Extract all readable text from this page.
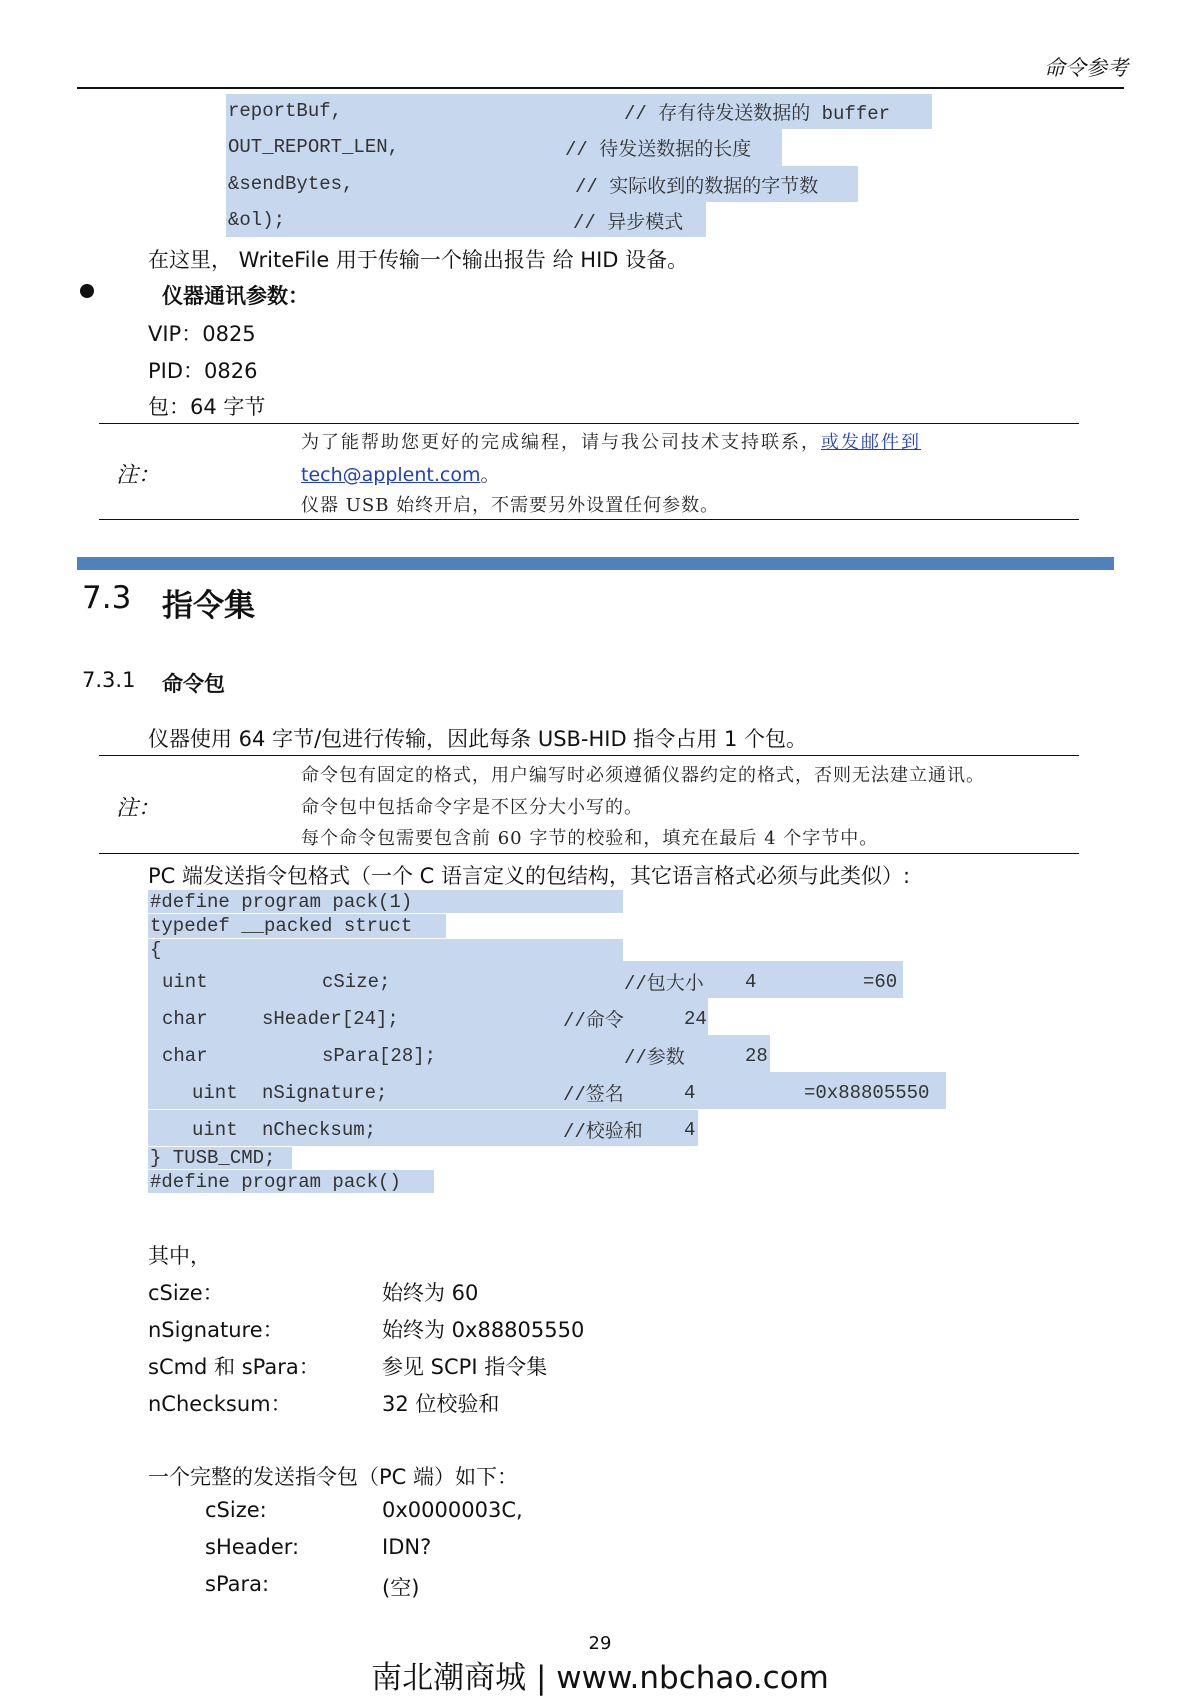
命令参考
reportBuf,	// 存有待发送数据的 buffer
OUT_REPORT_LEN,	// 待发送数据的长度
&sendBytes,	// 实际收到的数据的字节数
&ol);	// 异步模式
在这里， WriteFile 用于传输一个输出报告 给 HID 设备。
仪器通讯参数：
VIP：0825
PID：0826
包：64 字节
注：
为了能帮助您更好的完成编程，请与我公司技术支持联系，或发邮件到
tech@applent.com。
仪器 USB 始终开启，不需要另外设置任何参数。
7.3 指令集
7.3.1 命令包
仪器使用 64 字节/包进行传输，因此每条 USB-HID 指令占用 1 个包。
注：
命令包有固定的格式，用户编写时必须遵循仪器约定的格式，否则无法建立通讯。
命令包中包括命令字是不区分大小写的。
每个命令包需要包含前 60 字节的校验和，填充在最后 4 个字节中。
PC 端发送指令包格式（一个 C 语言定义的包结构，其它语言格式必须与此类似）:
#define program pack(1)
typedef __packed struct
{
uint	cSize;	//包大小 4	=60
char	sHeader[24];	//命令	24
char	sPara[28];	//参数	28
uint nSignature;	//签名	4	=0x88805550
uint nChecksum;	//校验和 4
} TUSB_CMD;
#define program pack()
其中，
cSize：	始终为 60
nSignature：	始终为 0x88805550
sCmd 和 sPara：	参见 SCPI 指令集
nChecksum：	32 位校验和
一个完整的发送指令包（PC 端）如下：
cSize:	0x0000003C,
sHeader:	IDN?
sPara:	(空)
29
南北潮商城 | www.nbchao.com
